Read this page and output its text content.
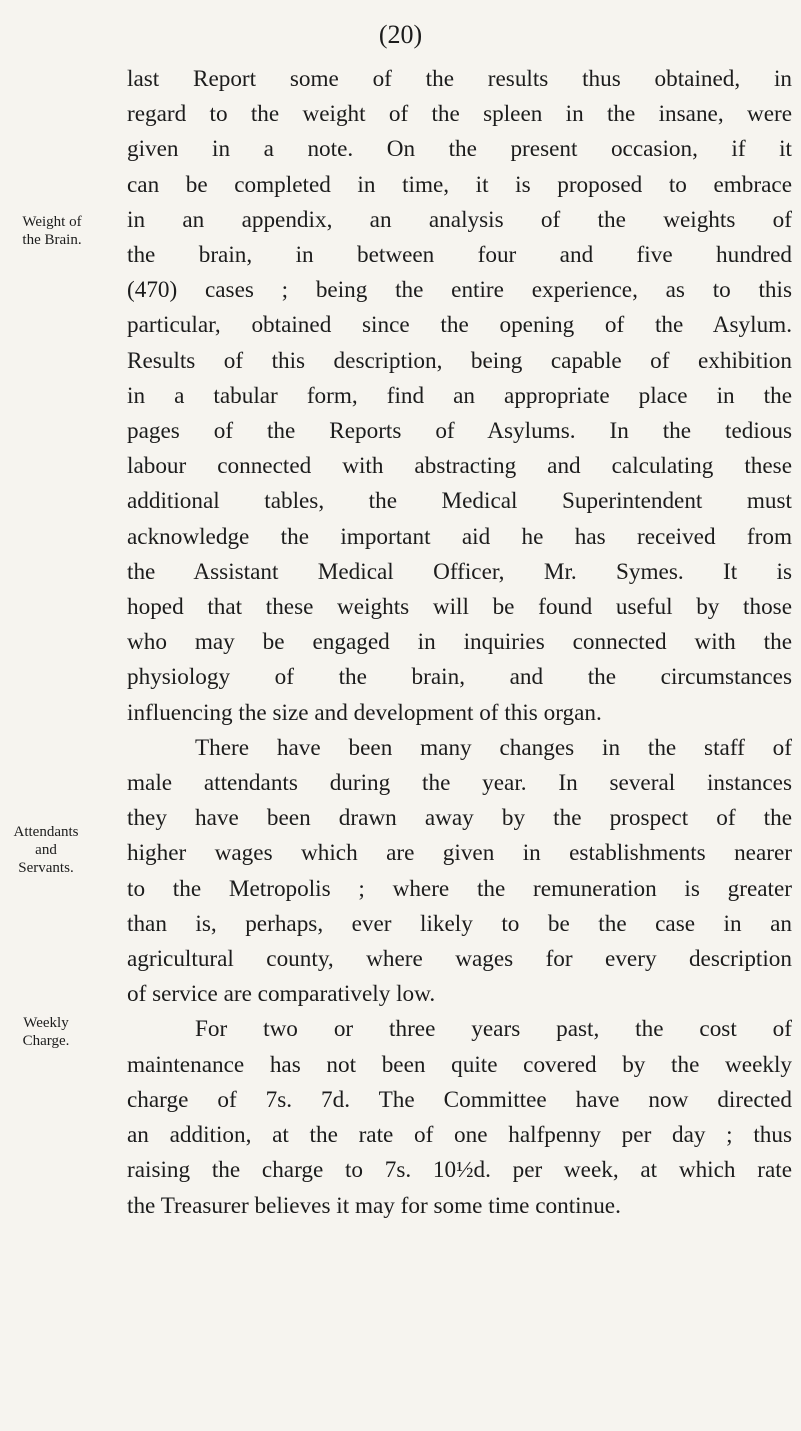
(20)
Weight of
the Brain.
Attendants
and
Servants.
Weekly
Charge.
last Report some of the results thus obtained, in
regard to the weight of the spleen in the insane, were
given in a note. On the present occasion, if it
can be completed in time, it is proposed to embrace
in an appendix, an analysis of the weights of
the brain, in between four and five hundred
(470) cases ; being the entire experience, as to this
particular, obtained since the opening of the Asylum.
Results of this description, being capable of exhibition
in a tabular form, find an appropriate place in the
pages of the Reports of Asylums. In the tedious
labour connected with abstracting and calculating these
additional tables, the Medical Superintendent must
acknowledge the important aid he has received from
the Assistant Medical Officer, Mr. Symes. It is
hoped that these weights will be found useful by those
who may be engaged in inquiries connected with the
physiology of the brain, and the circumstances
influencing the size and development of this organ.
There have been many changes in the staff of
male attendants during the year. In several instances
they have been drawn away by the prospect of the
higher wages which are given in establishments nearer
to the Metropolis ; where the remuneration is greater
than is, perhaps, ever likely to be the case in an
agricultural county, where wages for every description
of service are comparatively low.
For two or three years past, the cost of
maintenance has not been quite covered by the weekly
charge of 7s. 7d. The Committee have now directed
an addition, at the rate of one halfpenny per day ; thus
raising the charge to 7s. 10½d. per week, at which rate
the Treasurer believes it may for some time continue.
